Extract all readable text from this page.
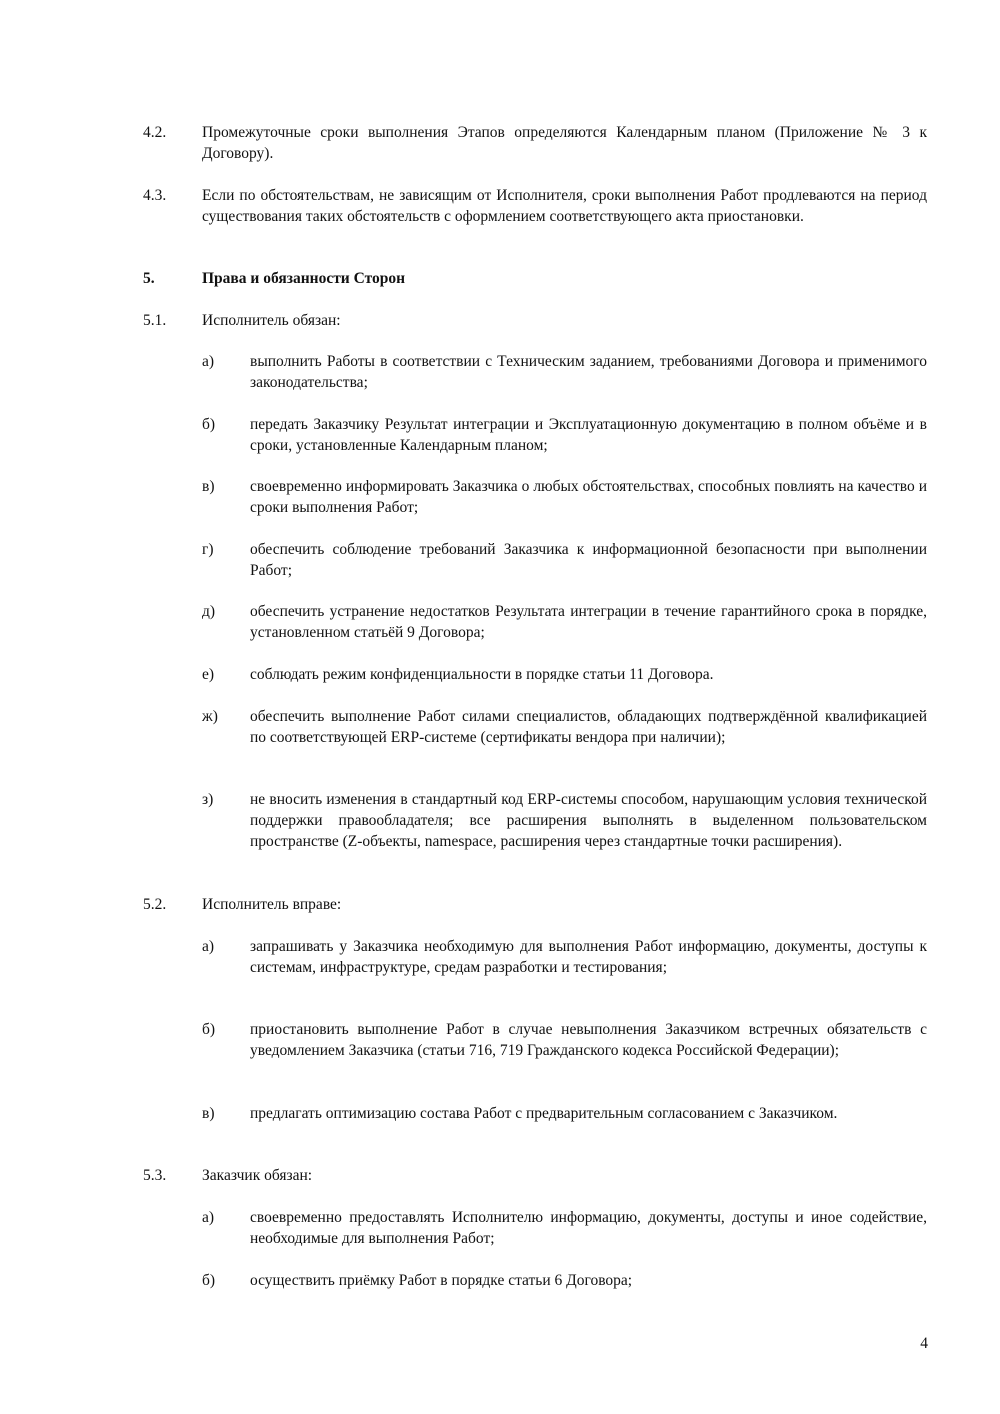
4.2. Промежуточные сроки выполнения Этапов определяются Календарным планом (Приложение № 3 к Договору).
4.3. Если по обстоятельствам, не зависящим от Исполнителя, сроки выполнения Работ продлеваются на период существования таких обстоятельств с оформлением соответствующего акта приостановки.
5.	Права и обязанности Сторон
5.1. Исполнитель обязан:
а) выполнить Работы в соответствии с Техническим заданием, требованиями Договора и применимого законодательства;
б) передать Заказчику Результат интеграции и Эксплуатационную документацию в полном объёме и в сроки, установленные Календарным планом;
в) своевременно информировать Заказчика о любых обстоятельствах, способных повлиять на качество и сроки выполнения Работ;
г) обеспечить соблюдение требований Заказчика к информационной безопасности при выполнении Работ;
д) обеспечить устранение недостатков Результата интеграции в течение гарантийного срока в порядке, установленном статьёй 9 Договора;
е) соблюдать режим конфиденциальности в порядке статьи 11 Договора.
ж) обеспечить выполнение Работ силами специалистов, обладающих подтверждённой квалификацией по соответствующей ERP-системе (сертификаты вендора при наличии);
з) не вносить изменения в стандартный код ERP-системы способом, нарушающим условия технической поддержки правообладателя; все расширения выполнять в выделенном пользовательском пространстве (Z-объекты, namespace, расширения через стандартные точки расширения).
5.2. Исполнитель вправе:
а) запрашивать у Заказчика необходимую для выполнения Работ информацию, документы, доступы к системам, инфраструктуре, средам разработки и тестирования;
б) приостановить выполнение Работ в случае невыполнения Заказчиком встречных обязательств с уведомлением Заказчика (статьи 716, 719 Гражданского кодекса Российской Федерации);
в) предлагать оптимизацию состава Работ с предварительным согласованием с Заказчиком.
5.3. Заказчик обязан:
а) своевременно предоставлять Исполнителю информацию, документы, доступы и иное содействие, необходимые для выполнения Работ;
б) осуществить приёмку Работ в порядке статьи 6 Договора;
4
